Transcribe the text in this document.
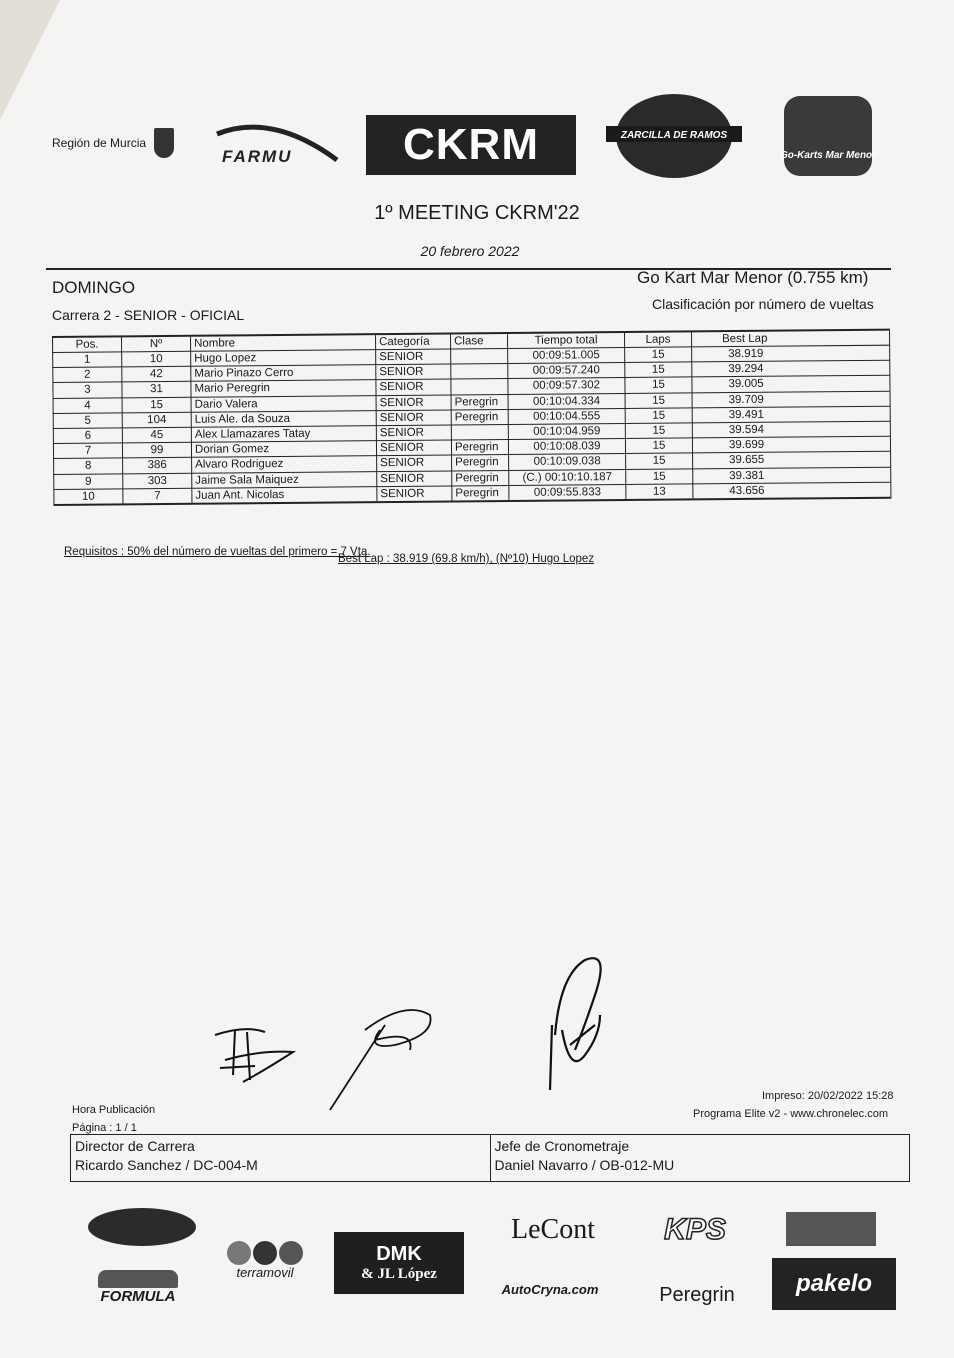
Región de Murcia
FARMU	CKRM	ZARCILLA DE RAMOS
Go-Karts Mar Menor
1º MEETING CKRM'22
20 febrero 2022
DOMINGO
Carrera 2 - SENIOR - OFICIAL
Go Kart Mar Menor (0.755 km)
Clasificación por número de vueltas
Pos.	Nº	Nombre	Categoría	Clase	Tiempo total	Laps	Best Lap
1	10	Hugo Lopez	SENIOR		00:09:51.005	15	38.919
2	42	Mario Pinazo Cerro	SENIOR		00:09:57.240	15	39.294
3	31	Mario Peregrin	SENIOR		00:09:57.302	15	39.005
4	15	Dario Valera	SENIOR	Peregrin	00:10:04.334	15	39.709
5	104	Luis Ale. da Souza	SENIOR	Peregrin	00:10:04.555	15	39.491
6	45	Alex Llamazares Tatay	SENIOR		00:10:04.959	15	39.594
7	99	Dorian Gomez	SENIOR	Peregrin	00:10:08.039	15	39.699
8	386	Alvaro Rodriguez	SENIOR	Peregrin	00:10:09.038	15	39.655
9	303	Jaime Sala Maiquez	SENIOR	Peregrin	(C.) 00:10:10.187	15	39.381
10	7	Juan Ant. Nicolas	SENIOR	Peregrin	00:09:55.833	13	43.656
Requisitos : 50% del número de vueltas del primero = 7 Vta.
Best Lap : 38.919 (69.8 km/h), (Nº10) Hugo Lopez
Impreso: 20/02/2022 15:28
Programa Elite v2 - www.chronelec.com
Hora Publicación
Página : 1 / 1
Director de Carrera
Ricardo Sanchez / DC-004-M
Jefe de Cronometraje
Daniel Navarro / OB-012-MU
FORMULA
terramovil
DMK
& JL López
LeCont
AutoCryna.com
KPS
Peregrin	pakelo
